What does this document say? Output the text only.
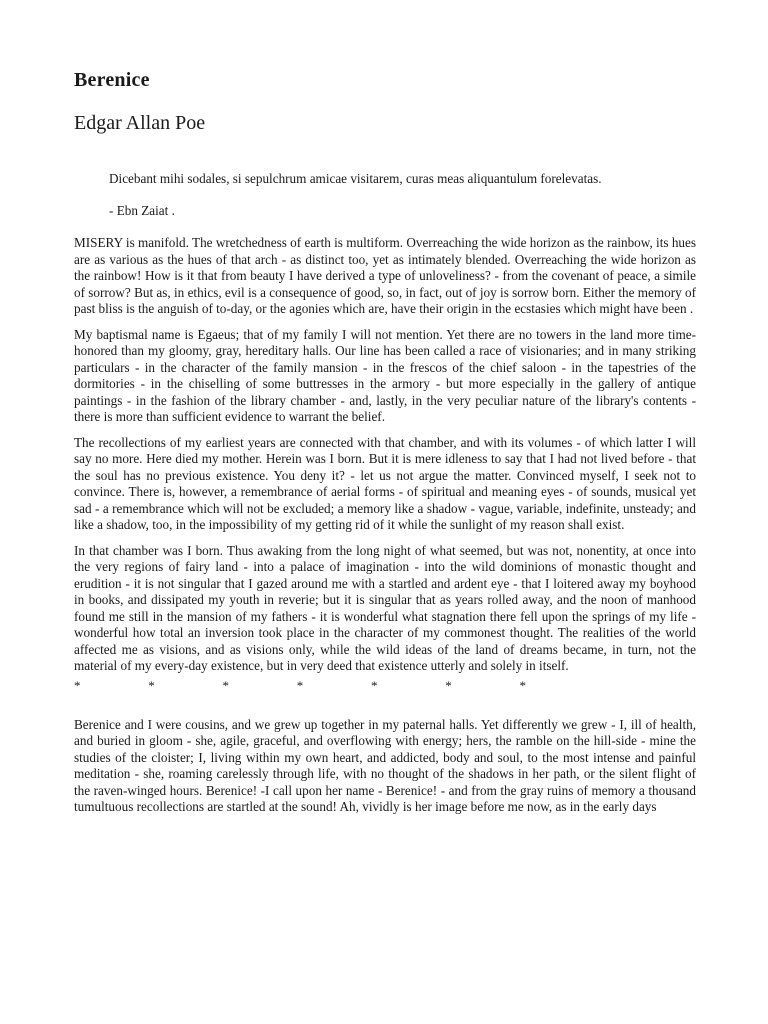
Berenice
Edgar Allan Poe

Dicebant mihi sodales, si sepulchrum amicae visitarem, curas meas aliquantulum forelevatas.

- Ebn Zaiat .

MISERY is manifold. The wretchedness of earth is multiform. Overreaching the wide horizon as the rainbow, its hues are as various as the hues of that arch - as distinct too, yet as intimately blended. Overreaching the wide horizon as the rainbow! How is it that from beauty I have derived a type of unloveliness? - from the covenant of peace, a simile of sorrow? But as, in ethics, evil is a consequence of good, so, in fact, out of joy is sorrow born. Either the memory of past bliss is the anguish of to-day, or the agonies which are, have their origin in the ecstasies which might have been .

My baptismal name is Egaeus; that of my family I will not mention. Yet there are no towers in the land more time-honored than my gloomy, gray, hereditary halls. Our line has been called a race of visionaries; and in many striking particulars - in the character of the family mansion - in the frescos of the chief saloon - in the tapestries of the dormitories - in the chiselling of some buttresses in the armory - but more especially in the gallery of antique paintings - in the fashion of the library chamber - and, lastly, in the very peculiar nature of the library's contents - there is more than sufficient evidence to warrant the belief.

The recollections of my earliest years are connected with that chamber, and with its volumes - of which latter I will say no more. Here died my mother. Herein was I born. But it is mere idleness to say that I had not lived before - that the soul has no previous existence. You deny it? - let us not argue the matter. Convinced myself, I seek not to convince. There is, however, a remembrance of aerial forms - of spiritual and meaning eyes - of sounds, musical yet sad - a remembrance which will not be excluded; a memory like a shadow - vague, variable, indefinite, unsteady; and like a shadow, too, in the impossibility of my getting rid of it while the sunlight of my reason shall exist.

In that chamber was I born. Thus awaking from the long night of what seemed, but was not, nonentity, at once into the very regions of fairy land - into a palace of imagination - into the wild dominions of monastic thought and erudition - it is not singular that I gazed around me with a startled and ardent eye - that I loitered away my boyhood in books, and dissipated my youth in reverie; but it is singular that as years rolled away, and the noon of manhood found me still in the mansion of my fathers - it is wonderful what stagnation there fell upon the springs of my life - wonderful how total an inversion took place in the character of my commonest thought. The realities of the world affected me as visions, and as visions only, while the wild ideas of the land of dreams became, in turn, not the material of my every-day existence, but in very deed that existence utterly and solely in itself.

*	*	*	*	*	*	*

Berenice and I were cousins, and we grew up together in my paternal halls. Yet differently we grew - I, ill of health, and buried in gloom - she, agile, graceful, and overflowing with energy; hers, the ramble on the hill-side - mine the studies of the cloister; I, living within my own heart, and addicted, body and soul, to the most intense and painful meditation - she, roaming carelessly through life, with no thought of the shadows in her path, or the silent flight of the raven-winged hours. Berenice! -I call upon her name - Berenice! - and from the gray ruins of memory a thousand tumultuous recollections are startled at the sound! Ah, vividly is her image before me now, as in the early days
